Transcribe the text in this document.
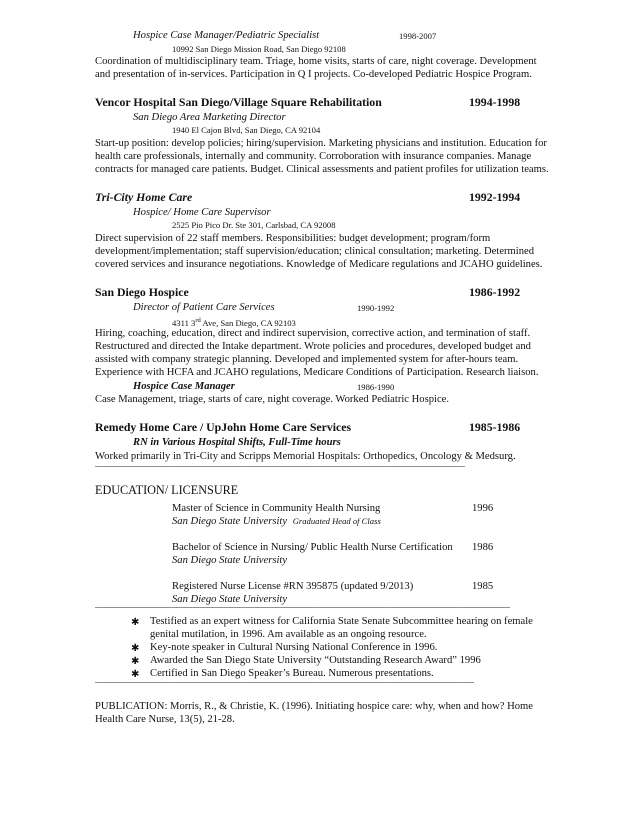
Hospice Case Manager/Pediatric Specialist	1998-2007
10992 San Diego Mission Road, San Diego 92108
Coordination of multidisciplinary team. Triage, home visits, starts of care, night coverage. Development
and presentation of in-services. Participation in Q I projects. Co-developed Pediatric Hospice Program.
Vencor Hospital San Diego/Village Square Rehabilitation	1994-1998
San Diego Area Marketing Director
1940 El Cajon Blvd, San Diego, CA 92104
Start-up position: develop policies; hiring/supervision. Marketing physicians and institution. Education for
health care professionals, internally and community. Corroboration with insurance companies. Manage
contracts for managed care patients. Budget. Clinical assessments and patient profiles for utilization teams.
Tri-City Home Care	1992-1994
Hospice/ Home Care Supervisor
2525 Pio Pico Dr. Ste 301, Carlsbad, CA 92008
Direct supervision of 22 staff members. Responsibilities: budget development; program/form
development/implementation; staff supervision/education; clinical consultation; marketing. Determined
covered services and insurance negotiations. Knowledge of Medicare regulations and JCAHO guidelines.
San Diego Hospice	1986-1992
Director of Patient Care Services	1990-1992
4311 3rd Ave, San Diego, CA 92103
Hiring, coaching, education, direct and indirect supervision, corrective action, and termination of staff.
Restructured and directed the Intake department. Wrote policies and procedures, developed budget and
assisted with company strategic planning. Developed and implemented system for after-hours team.
Experience with HCFA and JCAHO regulations, Medicare Conditions of Participation. Research liaison.
Hospice Case Manager	1986-1990
Case Management, triage, starts of care, night coverage. Worked Pediatric Hospice.
Remedy Home Care / UpJohn Home Care Services	1985-1986
RN in Various Hospital Shifts, Full-Time hours
Worked primarily in Tri-City and Scripps Memorial Hospitals: Orthopedics, Oncology & Medsurg.
—————————————————————————————————————————
EDUCATION/ LICENSURE
Master of Science in Community Health Nursing	1996
San Diego State University Graduated Head of Class
Bachelor of Science in Nursing/ Public Health Nurse Certification 1986
San Diego State University
Registered Nurse License #RN 395875 (updated 9/2013)	1985
San Diego State University
——————————————————————————————————————————————
✱ Testified as an expert witness for California State Senate Subcommittee hearing on female
genital mutilation, in 1996. Am available as an ongoing resource.
✱ Key-note speaker in Cultural Nursing National Conference in 1996.
✱ Awarded the San Diego State University “Outstanding Research Award” 1996
✱ Certified in San Diego Speaker’s Bureau. Numerous presentations.
——————————————————————————————————————————
PUBLICATION: Morris, R., & Christie, K. (1996). Initiating hospice care: why, when and how? Home
Health Care Nurse, 13(5), 21-28.
